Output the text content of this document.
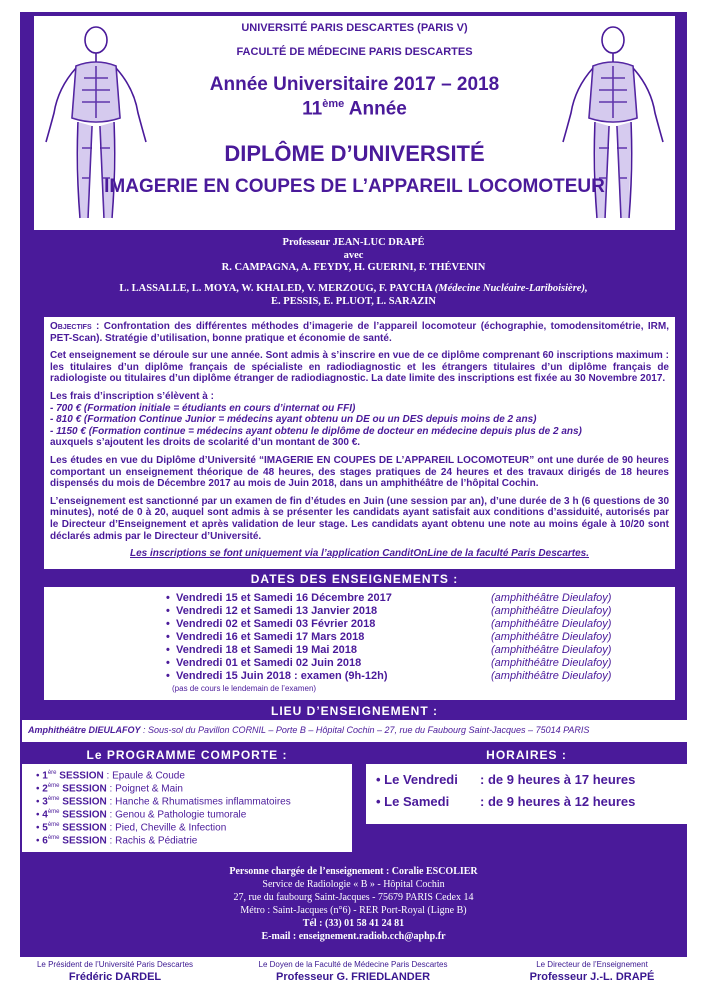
UNIVERSITÉ PARIS DESCARTES (PARIS V)
FACULTÉ DE MÉDECINE PARIS DESCARTES
Année Universitaire 2017 – 2018
11ème Année
DIPLÔME D’UNIVERSITÉ
IMAGERIE EN COUPES DE L’APPAREIL LOCOMOTEUR
Professeur JEAN-LUC DRAPÉ
avec
R. CAMPAGNA, A. FEYDY, H. GUERINI, F. THÉVENIN
L. LASSALLE, L. MOYA, W. KHALED, V. MERZOUG, F. PAYCHA (Médecine Nucléaire-Lariboisière),
E. PESSIS, E. PLUOT, L. SARAZIN

Objectifs : Confrontation des différentes méthodes d’imagerie de l’appareil locomoteur (échographie, tomodensitométrie, IRM, PET-Scan). Stratégie d’utilisation, bonne pratique et économie de santé.

Cet enseignement se déroule sur une année. Sont admis à s’inscrire en vue de ce diplôme comprenant 60 inscriptions maximum : les titulaires d’un diplôme français de spécialiste en radiodiagnostic et les étrangers titulaires d’un diplôme français de radiologiste ou titulaires d’un diplôme étranger de radiodiagnostic. La date limite des inscriptions est fixée au 30 Novembre 2017.

Les frais d’inscription s’élèvent à :
- 700 € (Formation initiale = étudiants en cours d’internat ou FFI)
- 810 € (Formation Continue Junior = médecins ayant obtenu un DE ou un DES depuis moins de 2 ans)
- 1150 € (Formation continue = médecins ayant obtenu le diplôme de docteur en médecine depuis plus de 2 ans)

auxquels s’ajoutent les droits de scolarité d’un montant de 300 €.

Les études en vue du Diplôme d’Université “IMAGERIE EN COUPES DE L’APPAREIL LOCOMOTEUR” ont une durée de 90 heures comportant un enseignement théorique de 48 heures, des stages pratiques de 24 heures et des travaux dirigés de 18 heures dispensés du mois de Décembre 2017 au mois de Juin 2018, dans un amphithéâtre de l’hôpital Cochin.

L’enseignement est sanctionné par un examen de fin d’études en Juin (une session par an), d’une durée de 3 h (6 questions de 30 minutes), noté de 0 à 20, auquel sont admis à se présenter les candidats ayant satisfait aux conditions d’assiduité, autorisés par le Directeur d’Enseignement et après validation de leur stage. Les candidats ayant obtenu une note au moins égale à 10/20 sont déclarés admis par le Directeur d’Université.

Les inscriptions se font uniquement via l’application CanditOnLine de la faculté Paris Descartes.
DATES DES ENSEIGNEMENTS :
• Vendredi 15 et Samedi 16 Décembre 2017	(amphithéâtre Dieulafoy)
• Vendredi 12 et Samedi 13 Janvier 2018	(amphithéâtre Dieulafoy)
• Vendredi 02 et Samedi 03 Février 2018	(amphithéâtre Dieulafoy)
• Vendredi 16 et Samedi 17 Mars 2018	(amphithéâtre Dieulafoy)
• Vendredi 18 et Samedi 19 Mai 2018	(amphithéâtre Dieulafoy)
• Vendredi 01 et Samedi 02 Juin 2018	(amphithéâtre Dieulafoy)
• Vendredi 15 Juin 2018 : examen (9h-12h)	(amphithéâtre Dieulafoy)
(pas de cours le lendemain de l’examen)
LIEU D’ENSEIGNEMENT :
Amphithéâtre DIEULAFOY : Sous-sol du Pavillon CORNIL – Porte B – Hôpital Cochin – 27, rue du Faubourg Saint-Jacques – 75014 PARIS
Le PROGRAMME COMPORTE :
• 1ère SESSION : Epaule & Coude
• 2ème SESSION : Poignet & Main
• 3ème SESSION : Hanche & Rhumatismes inflammatoires
• 4ème SESSION : Genou & Pathologie tumorale
• 5ème SESSION : Pied, Cheville & Infection
• 6ème SESSION : Rachis & Pédiatrie
HORAIRES :
• Le Vendredi : de 9 heures à 17 heures
• Le Samedi : de 9 heures à 12 heures
Personne chargée de l’enseignement : Coralie ESCOLIER
Service de Radiologie « B » - Hôpital Cochin
27, rue du faubourg Saint-Jacques - 75679 PARIS Cedex 14
Métro : Saint-Jacques (n°6) - RER Port-Royal (Ligne B)
Tél : (33) 01 58 41 24 81
E-mail : enseignement.radiob.cch@aphp.fr
Le Président de l’Université Paris Descartes
Frédéric DARDEL
Le Doyen de la Faculté de Médecine Paris Descartes
Professeur G. FRIEDLANDER
Le Directeur de l’Enseignement
Professeur J.-L. DRAPÉ
